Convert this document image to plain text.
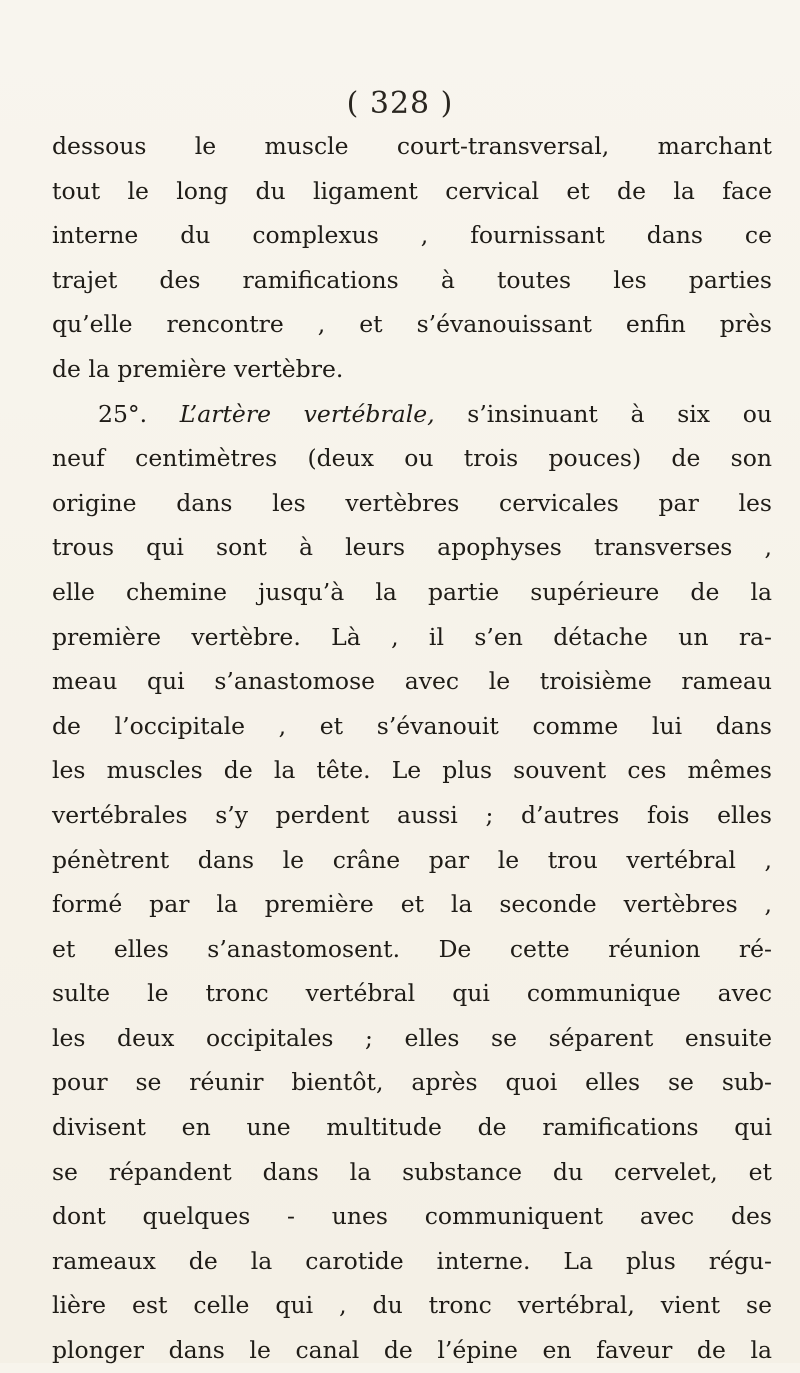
( 328 )
dessous le muscle court-transversal, marchant
tout le long du ligament cervical et de la face
interne du complexus , fournissant dans ce
trajet des ramifications à toutes les parties
qu’elle rencontre , et s’évanouissant enfin près
de la première vertèbre.
25°. L’artère vertébrale, s’insinuant à six ou
neuf centimètres (deux ou trois pouces) de son
origine dans les vertèbres cervicales par les
trous qui sont à leurs apophyses transverses ,
elle chemine jusqu’à la partie supérieure de la
première vertèbre. Là , il s’en détache un ra-
meau qui s’anastomose avec le troisième rameau
de l’occipitale , et s’évanouit comme lui dans
les muscles de la tête. Le plus souvent ces mêmes
vertébrales s’y perdent aussi ; d’autres fois elles
pénètrent dans le crâne par le trou vertébral ,
formé par la première et la seconde vertèbres ,
et elles s’anastomosent. De cette réunion ré-
sulte le tronc vertébral qui communique avec
les deux occipitales ; elles se séparent ensuite
pour se réunir bientôt, après quoi elles se sub-
divisent en une multitude de ramifications qui
se répandent dans la substance du cervelet, et
dont quelques - unes communiquent avec des
rameaux de la carotide interne. La plus régu-
lière est celle qui , du tronc vertébral, vient se
plonger dans le canal de l’épine en faveur de la
